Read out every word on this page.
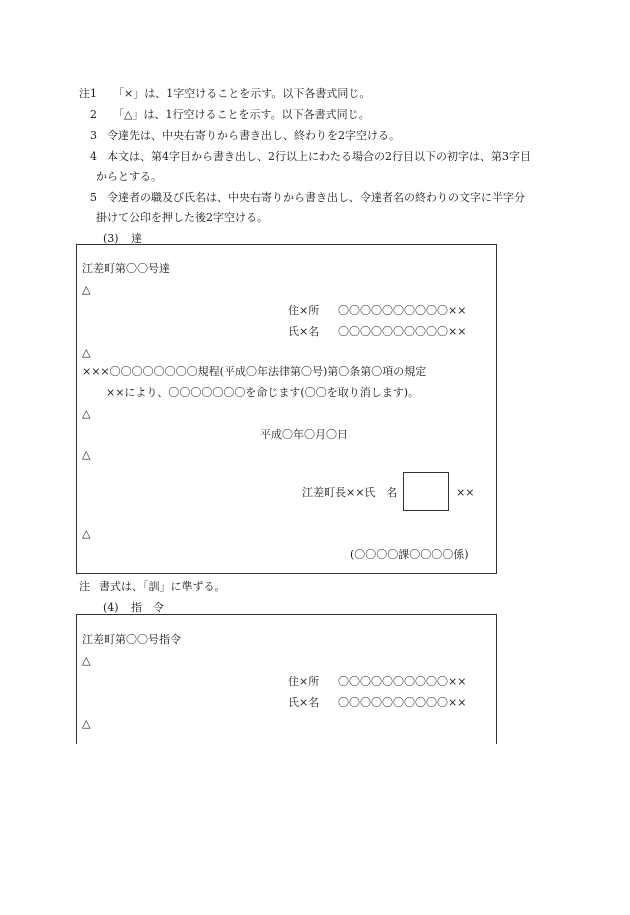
注1 「×」は、1字空けることを示す。以下各書式同じ。
2 「△」は、1行空けることを示す。以下各書式同じ。
3 令達先は、中央右寄りから書き出し、終わりを2字空ける。
4 本文は、第4字目から書き出し、2行以上にわたる場合の2行目以下の初字は、第3字目
からとする。
5 令達者の職及び氏名は、中央右寄りから書き出し、令達者名の終わりの文字に半字分
掛けて公印を押した後2字空ける。
(3) 達
江差町第〇〇号達
△
住×所 〇〇〇〇〇〇〇〇〇〇××
氏×名 〇〇〇〇〇〇〇〇〇〇××
△
×××〇〇〇〇〇〇〇〇規程(平成〇年法律第〇号)第〇条第〇項の規定
××により、〇〇〇〇〇〇〇を命じます(〇〇を取り消します)。
△
平成〇年〇月〇日
△
江差町長××氏　名	××
△
(〇〇〇〇課〇〇〇〇係)
注 書式は、「訓」に準ずる。
(4) 指　令
江差町第〇〇号指令
△
住×所 〇〇〇〇〇〇〇〇〇〇××
氏×名 〇〇〇〇〇〇〇〇〇〇××
△
